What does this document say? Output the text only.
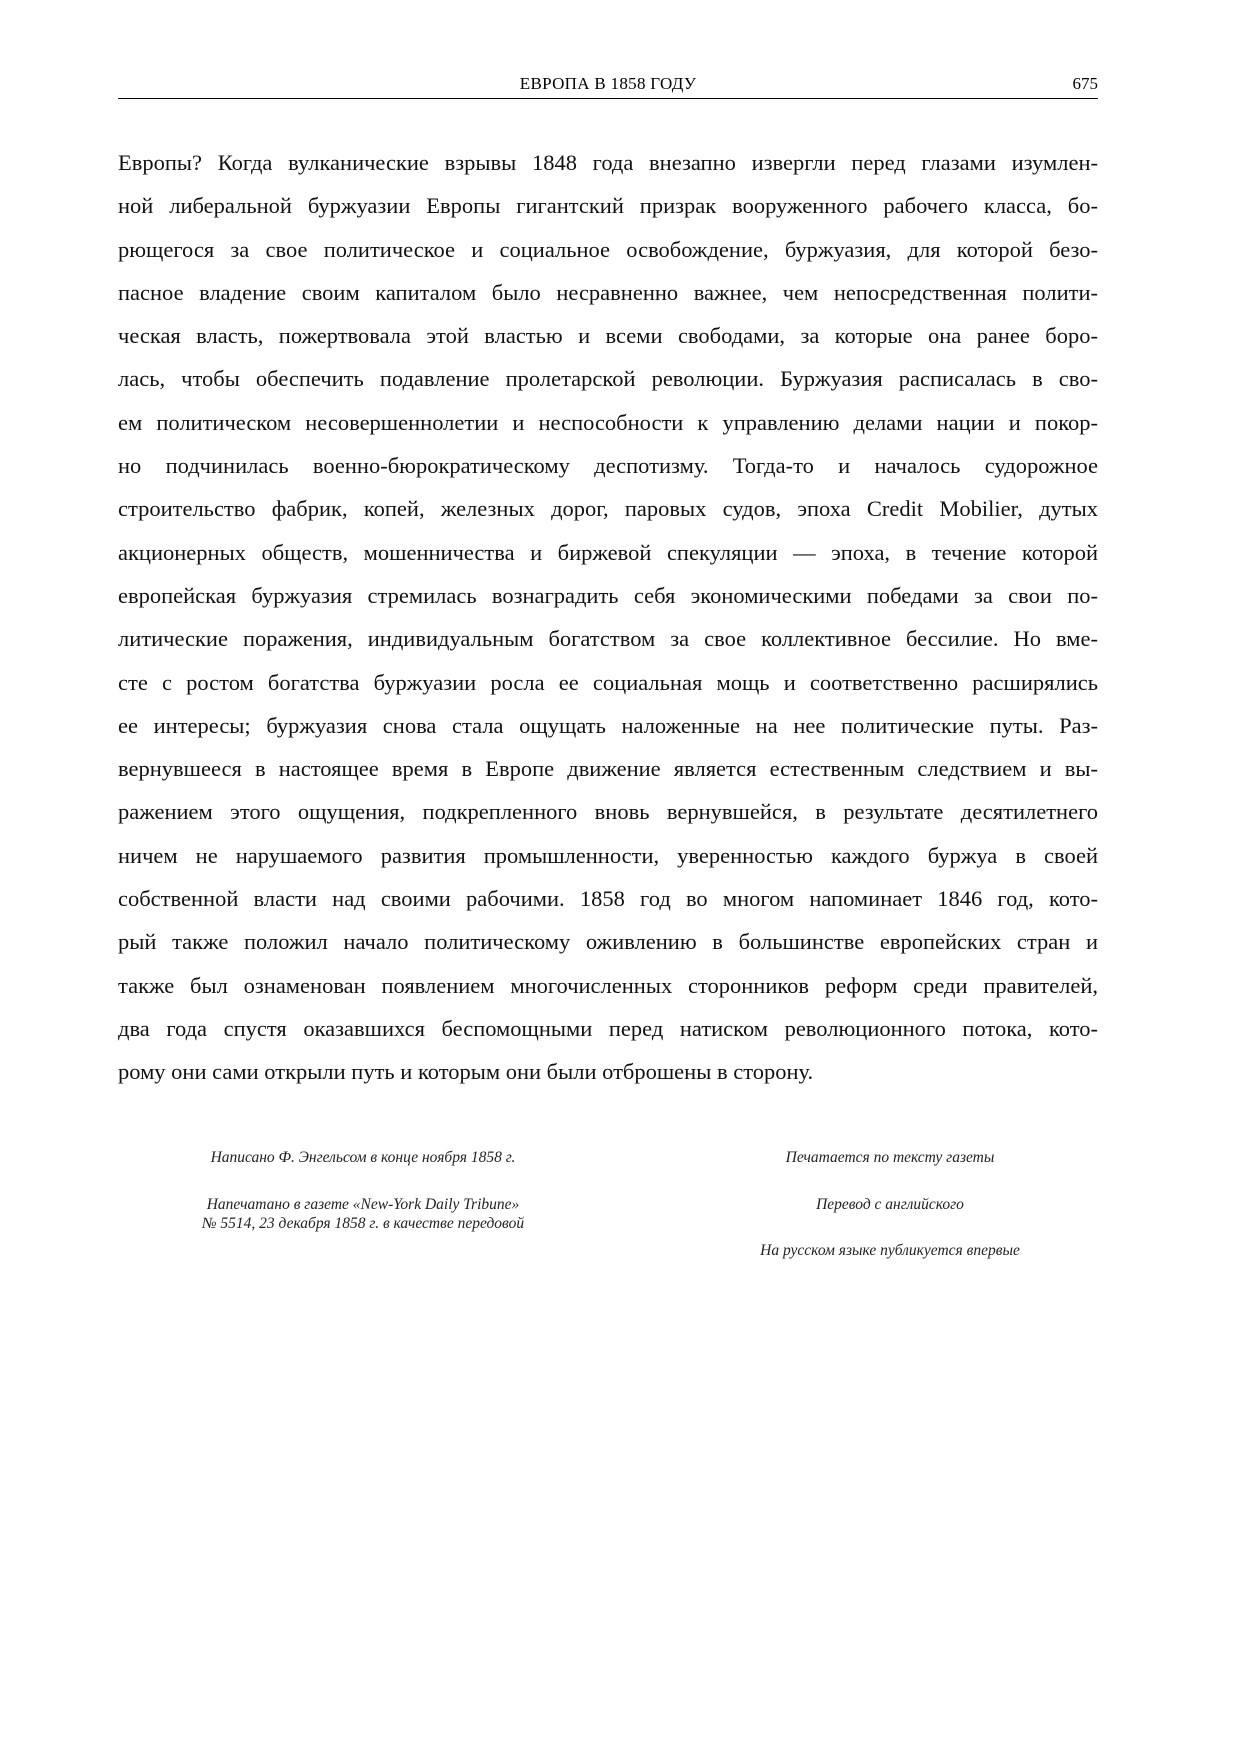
ЕВРОПА В 1858 ГОДУ	675
Европы? Когда вулканические взрывы 1848 года внезапно извергли перед глазами изумлен-
ной либеральной буржуазии Европы гигантский призрак вооруженного рабочего класса, бо-
рющегося за свое политическое и социальное освобождение, буржуазия, для которой безо-
пасное владение своим капиталом было несравненно важнее, чем непосредственная полити-
ческая власть, пожертвовала этой властью и всеми свободами, за которые она ранее боро-
лась, чтобы обеспечить подавление пролетарской революции. Буржуазия расписалась в сво-
ем политическом несовершеннолетии и неспособности к управлению делами нации и покор-
но подчинилась военно-бюрократическому деспотизму. Тогда-то и началось судорожное
строительство фабрик, копей, железных дорог, паровых судов, эпоха Credit Mobilier, дутых
акционерных обществ, мошенничества и биржевой спекуляции — эпоха, в течение которой
европейская буржуазия стремилась вознаградить себя экономическими победами за свои по-
литические поражения, индивидуальным богатством за свое коллективное бессилие. Но вме-
сте с ростом богатства буржуазии росла ее социальная мощь и соответственно расширялись
ее интересы; буржуазия снова стала ощущать наложенные на нее политические путы. Раз-
вернувшееся в настоящее время в Европе движение является естественным следствием и вы-
ражением этого ощущения, подкрепленного вновь вернувшейся, в результате десятилетнего
ничем не нарушаемого развития промышленности, уверенностью каждого буржуа в своей
собственной власти над своими рабочими. 1858 год во многом напоминает 1846 год, кото-
рый также положил начало политическому оживлению в большинстве европейских стран и
также был ознаменован появлением многочисленных сторонников реформ среди правителей,
два года спустя оказавшихся беспомощными перед натиском революционного потока, кото-
рому они сами открыли путь и которым они были отброшены в сторону.

Написано Ф. Энгельсом в конце ноября 1858 г.

Напечатано в газете «New-York Daily Tribune»
№ 5514, 23 декабря 1858 г. в качестве передовой

Печатается по тексту газеты

Перевод с английского

На русском языке публикуется впервые
